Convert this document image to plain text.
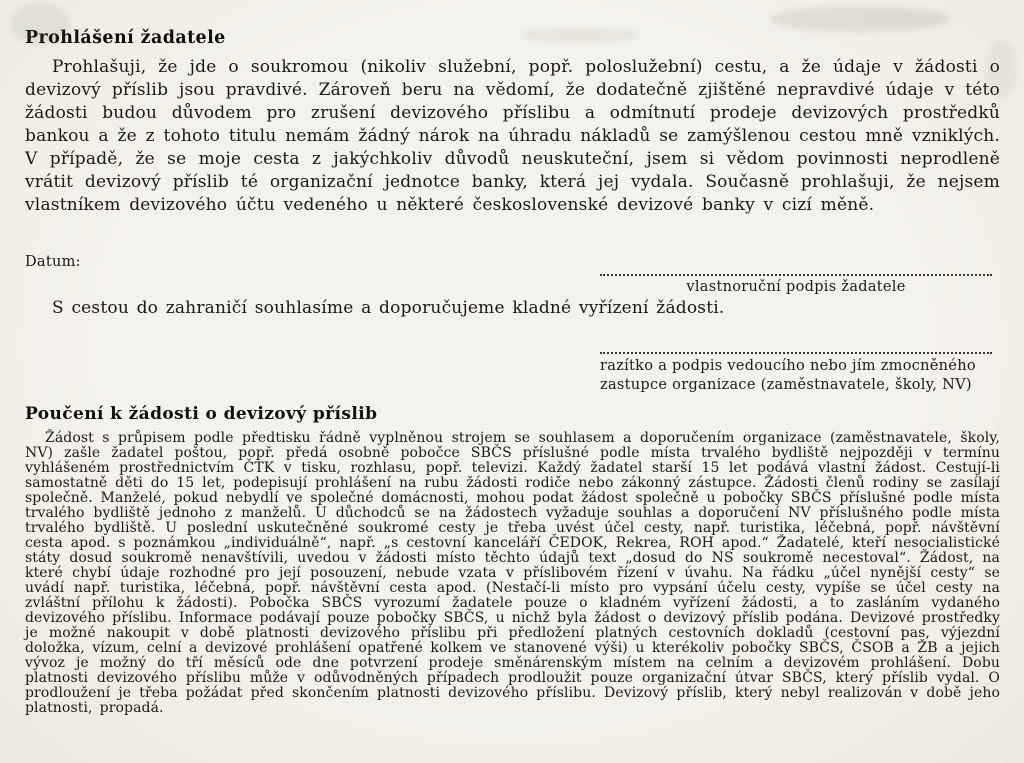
Prohlášení žadatele

Prohlašuji, že jde o soukromou (nikoliv služební, popř. poloslužební) cestu, a že údaje v žádosti o devizový příslib jsou pravdivé. Zároveň beru na vědomí, že dodatečně zjištěné nepravdivé údaje v této žádosti budou důvodem pro zrušení devizového příslibu a odmítnutí prodeje devizových prostředků bankou a že z tohoto titulu nemám žádný nárok na úhradu nákladů se zamýšlenou cestou mně vzniklých. V případě, že se moje cesta z jakýchkoliv důvodů neuskuteční, jsem si vědom povinnosti neprodleně vrátit devizový příslib té organizační jednotce banky, která jej vydala. Současně prohlašuji, že nejsem vlastníkem devizového účtu vedeného u některé československé devizové banky v cizí měně.

Datum:
vlastnoruční podpis žadatele

S cestou do zahraničí souhlasíme a doporučujeme kladné vyřízení žádosti.

razítko a podpis vedoucího nebo jím zmocněného
zastupce organizace (zaměstnavatele, školy, NV)
Poučení k žádosti o devizový příslib

Žádost s průpisem podle předtisku řádně vyplněnou strojem se souhlasem a doporučením organizace (zaměstnavatele, školy, NV) zašle žadatel poštou, popř. předá osobně pobočce SBČS příslušné podle místa trvalého bydliště nejpozději v termínu vyhlášeném prostřednictvím ČTK v tisku, rozhlasu, popř. televizi. Každý žadatel starší 15 let podává vlastní žádost. Cestují-li samostatně děti do 15 let, podepisují prohlášení na rubu žádosti rodiče nebo zákonný zástupce. Žádosti členů rodiny se zasílají společně. Manželé, pokud nebydlí ve společné domácnosti, mohou podat žádost společně u pobočky SBČS příslušné podle místa trvalého bydliště jednoho z manželů. U důchodců se na žádostech vyžaduje souhlas a doporučení NV příslušného podle místa trvalého bydliště. U poslední uskutečněné soukromé cesty je třeba uvést účel cesty, např. turistika, léčebná, popř. návštěvní cesta apod. s poznámkou „individuálně“, např. „s cestovní kanceláří ČEDOK, Rekrea, ROH apod.“ Žadatelé, kteří nesocialistické státy dosud soukromě nenavštívili, uvedou v žádosti místo těchto údajů text „dosud do NS soukromě necestoval“. Žádost, na které chybí údaje rozhodné pro její posouzení, nebude vzata v příslibovém řízení v úvahu. Na řádku „účel nynější cesty“ se uvádí např. turistika, léčebná, popř. návštěvní cesta apod. (Nestačí-li místo pro vypsání účelu cesty, vypíše se účel cesty na zvláštní přílohu k žádosti). Pobočka SBČS vyrozumí žadatele pouze o kladném vyřízení žádosti, a to zasláním vydaného devizového příslibu. Informace podávají pouze pobočky SBČS, u nichž byla žádost o devizový příslib podána. Devizové prostředky je možné nakoupit v době platnosti devizového příslibu při předložení platných cestovních dokladů (cestovní pas, výjezdní doložka, vízum, celní a devizové prohlášení opatřené kolkem ve stanovené výši) u kterékoliv pobočky SBČS, ČSOB a ŽB a jejich vývoz je možný do tří měsíců ode dne potvrzení prodeje směnárenským místem na celním a devizovém prohlášení. Dobu platnosti devizového příslibu může v odůvodněných případech prodloužit pouze organizační útvar SBČS, který příslib vydal. O prodloužení je třeba požádat před skončením platnosti devizového příslibu. Devizový příslib, který nebyl realizován v době jeho platnosti, propadá.
